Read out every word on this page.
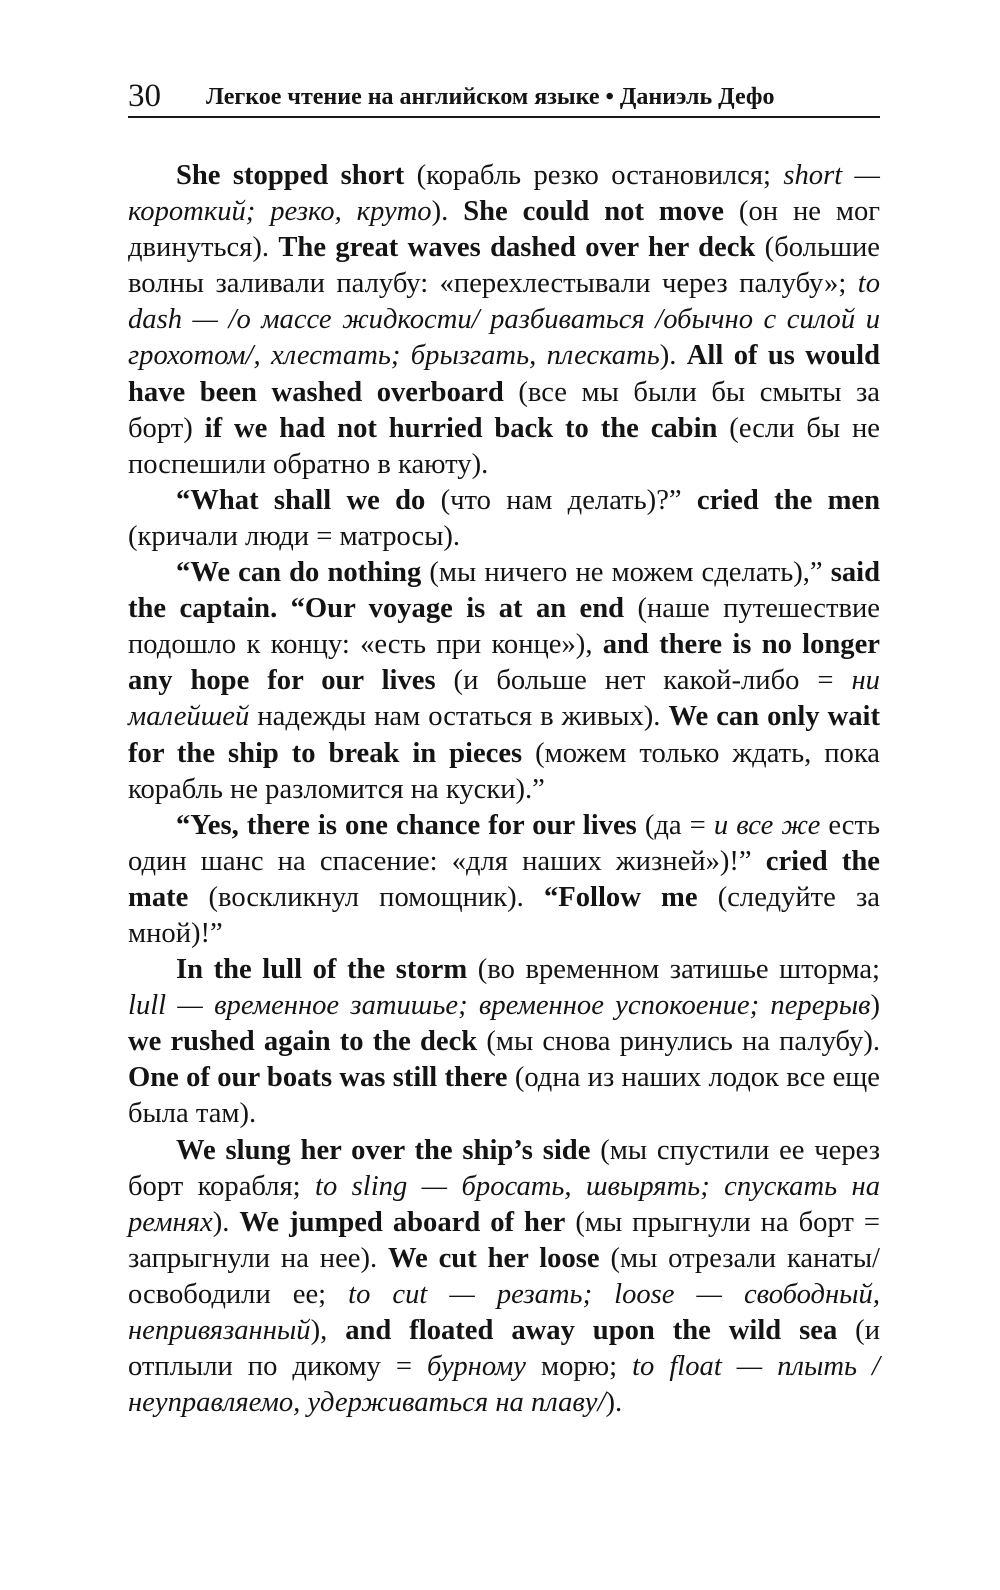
30 Легкое чтение на английском языке • Даниэль Дефо

She stopped short (корабль резко остановился; short — короткий; резко, круто). She could not move (он не мог двинуться). The great waves dashed over her deck (большие волны заливали палубу: «перехлестывали через палубу»; to dash — /о массе жидкости/ разбиваться /обычно с силой и грохотом/, хлестать; брызгать, плескать). All of us would have been washed overboard (все мы были бы смыты за борт) if we had not hurried back to the cabin (если бы не поспешили обратно в каюту).

“What shall we do (что нам делать)?” cried the men (кричали люди = матросы).

“We can do nothing (мы ничего не можем сделать),” said the captain. “Our voyage is at an end (наше путешествие подошло к концу: «есть при конце»), and there is no longer any hope for our lives (и больше нет какой-либо = ни малейшей надежды нам остаться в живых). We can only wait for the ship to break in pieces (можем только ждать, пока корабль не разломится на куски).”

“Yes, there is one chance for our lives (да = и все же есть один шанс на спасение: «для наших жизней»)!” cried the mate (воскликнул помощник). “Follow me (следуйте за мной)!”

In the lull of the storm (во временном затишье шторма; lull — временное затишье; временное успокоение; перерыв) we rushed again to the deck (мы снова ринулись на палубу). One of our boats was still there (одна из наших лодок все еще была там).

We slung her over the ship’s side (мы спустили ее через борт корабля; to sling — бросать, швырять; спускать на ремнях). We jumped aboard of her (мы прыгнули на борт = запрыгнули на нее). We cut her loose (мы отрезали канаты/освободили ее; to cut — резать; loose — свободный, непривязанный), and floated away upon the wild sea (и отплыли по дикому = бурному морю; to float — плыть /неуправляемо, удерживаться на плаву/).
